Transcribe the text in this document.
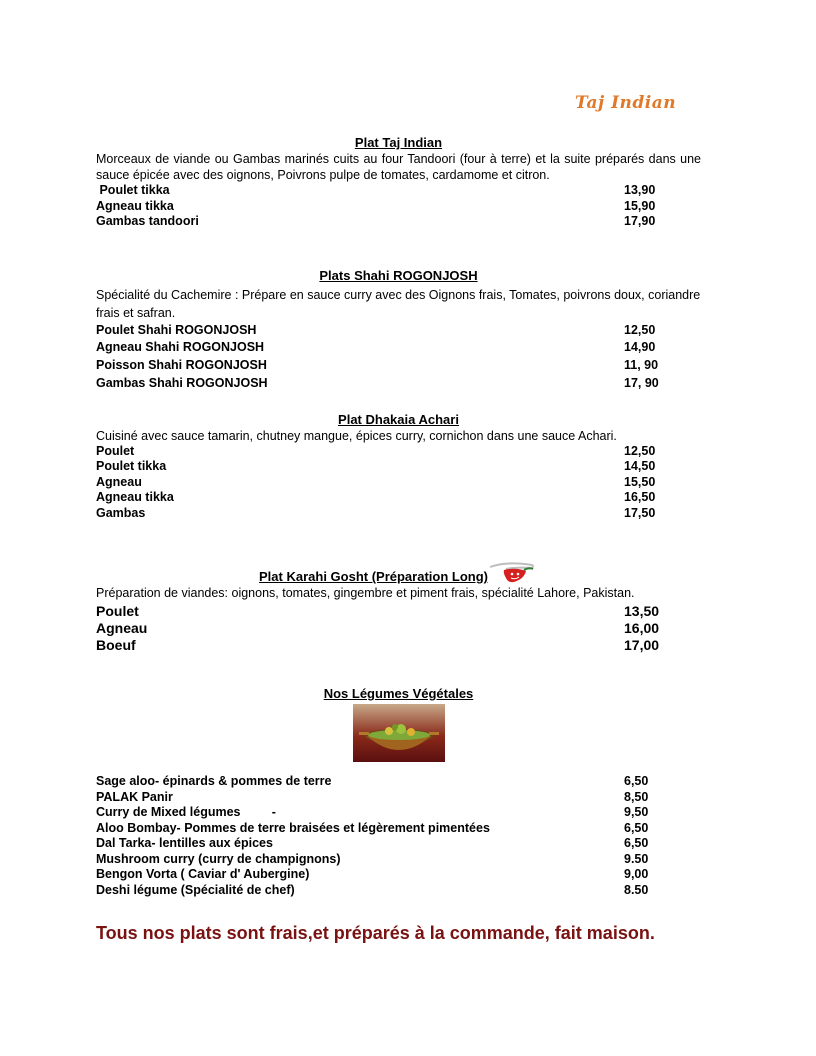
Taj Indian

Plat Taj Indian

Morceaux de viande ou Gambas marinés cuits au four Tandoori (four à terre) et la suite préparés dans une sauce épicée avec des oignons, Poivrons pulpe de tomates, cardamome et citron.

Poulet tikka	13,90
Agneau tikka	15,90
Gambas tandoori	17,90

Plats Shahi ROGONJOSH

Spécialité du Cachemire : Prépare en sauce curry avec des Oignons frais, Tomates, poivrons doux, coriandre frais et safran.

Poulet Shahi ROGONJOSH	12,50
Agneau Shahi ROGONJOSH	14,90
Poisson Shahi ROGONJOSH	11, 90
Gambas Shahi ROGONJOSH	17, 90

Plat Dhakaia Achari

Cuisiné avec sauce tamarin, chutney mangue, épices curry, cornichon dans une sauce Achari.

Poulet	12,50
Poulet tikka	14,50
Agneau	15,50
Agneau tikka	16,50
Gambas	17,50

Plat Karahi Gosht (Préparation Long)

Préparation de viandes: oignons, tomates, gingembre et piment frais, spécialité Lahore, Pakistan.

Poulet	13,50
Agneau	16,00
Boeuf	17,00

Nos Légumes Végétales

Sage aloo- épinards & pommes de terre	6,50
PALAK Panir	8,50
Curry de Mixed légumes         -	9,50
Aloo Bombay- Pommes de terre braisées et légèrement pimentées	6,50
Dal Tarka- lentilles aux épices	6,50
Mushroom curry (curry de champignons)	9.50
Bengon Vorta ( Caviar d' Aubergine)	9,00
Deshi légume (Spécialité de chef)	8.50

Tous nos plats sont frais,et préparés à la commande, fait maison.
